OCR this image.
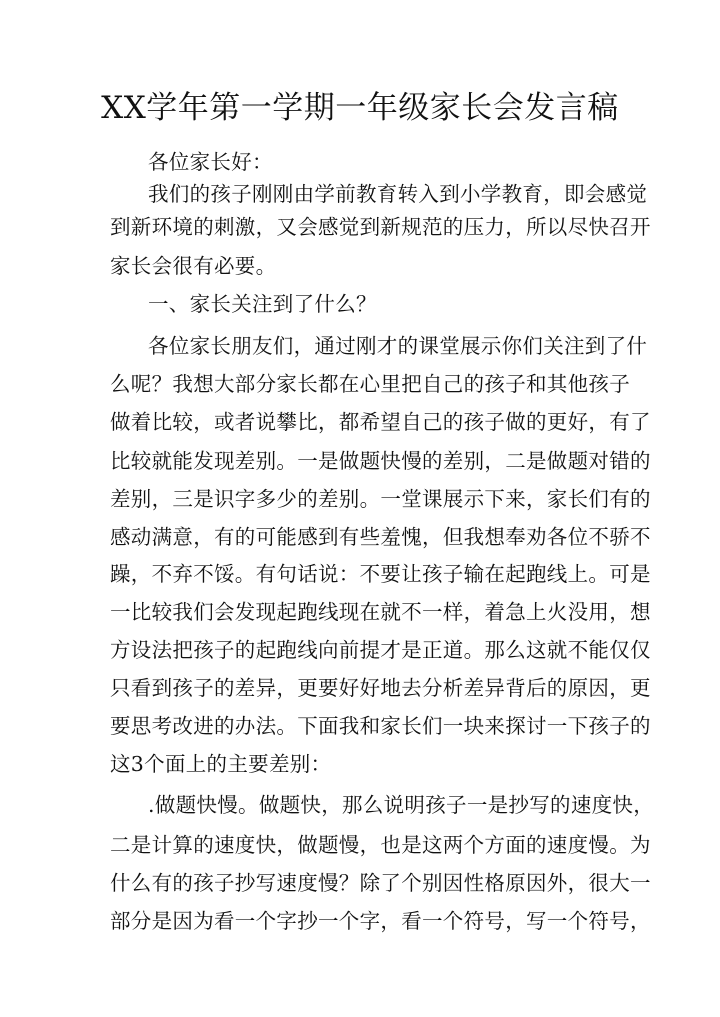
XX学年第一学期一年级家长会发言稿
各位家长好：
我们的孩子刚刚由学前教育转入到小学教育，即会感觉
到新环境的刺激，又会感觉到新规范的压力，所以尽快召开
家长会很有必要。
一、家长关注到了什么？
各位家长朋友们，通过刚才的课堂展示你们关注到了什
么呢？我想大部分家长都在心里把自己的孩子和其他孩子
做着比较，或者说攀比，都希望自己的孩子做的更好，有了
比较就能发现差别。一是做题快慢的差别，二是做题对错的
差别，三是识字多少的差别。一堂课展示下来，家长们有的
感动满意，有的可能感到有些羞愧，但我想奉劝各位不骄不
躁，不弃不馁。有句话说：不要让孩子输在起跑线上。可是
一比较我们会发现起跑线现在就不一样，着急上火没用，想
方设法把孩子的起跑线向前提才是正道。那么这就不能仅仅
只看到孩子的差异，更要好好地去分析差异背后的原因，更
要思考改进的办法。下面我和家长们一块来探讨一下孩子的
这3个面上的主要差别：
.做题快慢。做题快，那么说明孩子一是抄写的速度快，
二是计算的速度快，做题慢，也是这两个方面的速度慢。为
什么有的孩子抄写速度慢？除了个别因性格原因外，很大一
部分是因为看一个字抄一个字，看一个符号，写一个符号，
